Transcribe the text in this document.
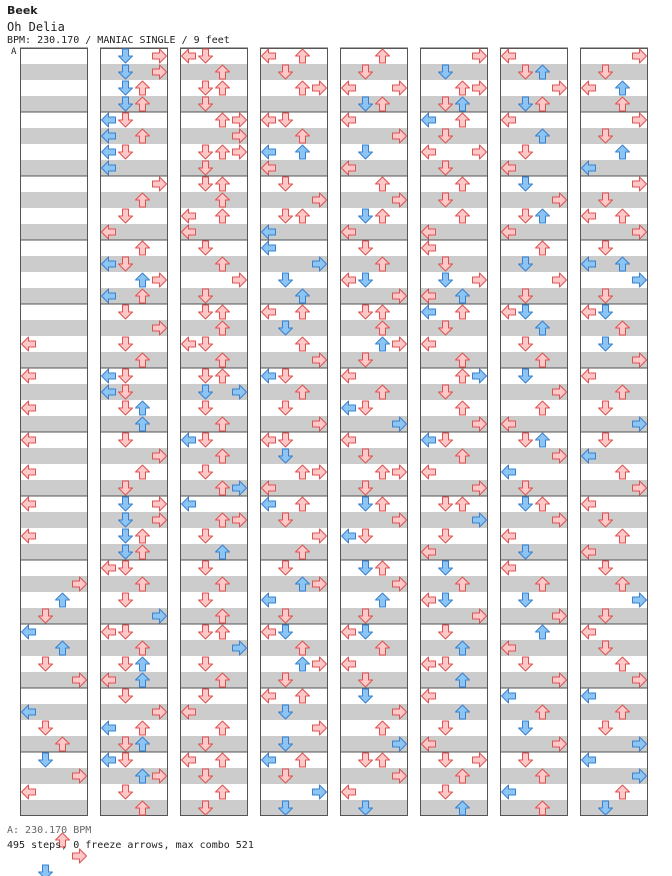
Beek
Oh Delia
BPM: 230.170 / MANIAC SINGLE / 9 feet
A
A: 230.170 BPM
495 steps, 0 freeze arrows, max combo 521
